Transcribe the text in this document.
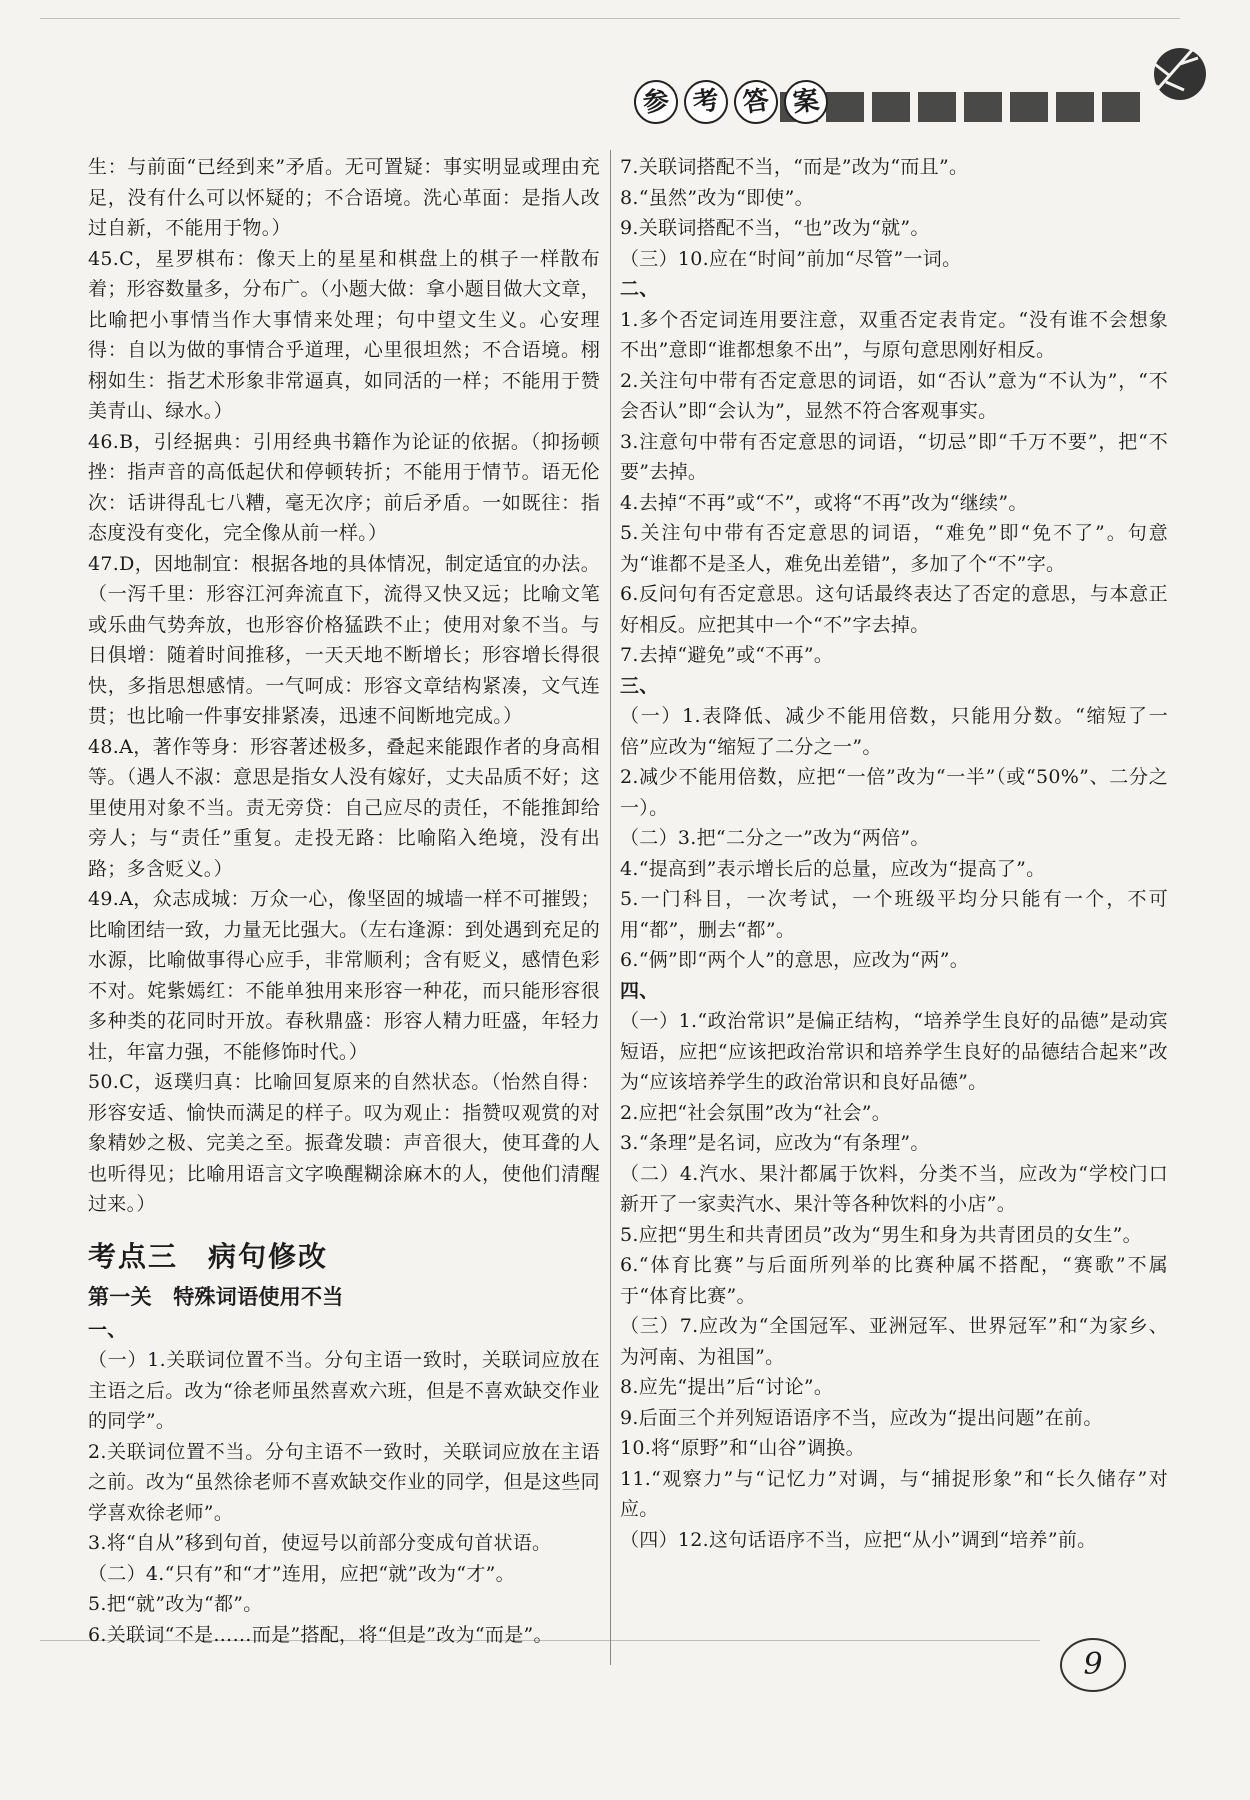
参 考 答 案

生：与前面“已经到来”矛盾。无可置疑：事实明显或理由充足，没有什么可以怀疑的；不合语境。洗心革面：是指人改过自新，不能用于物。）

45.C，星罗棋布：像天上的星星和棋盘上的棋子一样散布着；形容数量多，分布广。（小题大做：拿小题目做大文章，比喻把小事情当作大事情来处理；句中望文生义。心安理得：自以为做的事情合乎道理，心里很坦然；不合语境。栩栩如生：指艺术形象非常逼真，如同活的一样；不能用于赞美青山、绿水。）

46.B，引经据典：引用经典书籍作为论证的依据。（抑扬顿挫：指声音的高低起伏和停顿转折；不能用于情节。语无伦次：话讲得乱七八糟，毫无次序；前后矛盾。一如既往：指态度没有变化，完全像从前一样。）

47.D，因地制宜：根据各地的具体情况，制定适宜的办法。（一泻千里：形容江河奔流直下，流得又快又远；比喻文笔或乐曲气势奔放，也形容价格猛跌不止；使用对象不当。与日俱增：随着时间推移，一天天地不断增长；形容增长得很快，多指思想感情。一气呵成：形容文章结构紧凑，文气连贯；也比喻一件事安排紧凑，迅速不间断地完成。）

48.A，著作等身：形容著述极多，叠起来能跟作者的身高相等。（遇人不淑：意思是指女人没有嫁好，丈夫品质不好；这里使用对象不当。责无旁贷：自己应尽的责任，不能推卸给旁人；与“责任”重复。走投无路：比喻陷入绝境，没有出路；多含贬义。）

49.A，众志成城：万众一心，像坚固的城墙一样不可摧毁；比喻团结一致，力量无比强大。（左右逢源：到处遇到充足的水源，比喻做事得心应手，非常顺利；含有贬义，感情色彩不对。姹紫嫣红：不能单独用来形容一种花，而只能形容很多种类的花同时开放。春秋鼎盛：形容人精力旺盛，年轻力壮，年富力强，不能修饰时代。）

50.C，返璞归真：比喻回复原来的自然状态。（怡然自得：形容安适、愉快而满足的样子。叹为观止：指赞叹观赏的对象精妙之极、完美之至。振聋发聩：声音很大，使耳聋的人也听得见；比喻用语言文字唤醒糊涂麻木的人，使他们清醒过来。）

考点三　病句修改

第一关　特殊词语使用不当

一、

（一）1.关联词位置不当。分句主语一致时，关联词应放在主语之后。改为“徐老师虽然喜欢六班，但是不喜欢缺交作业的同学”。

2.关联词位置不当。分句主语不一致时，关联词应放在主语之前。改为“虽然徐老师不喜欢缺交作业的同学，但是这些同学喜欢徐老师”。

3.将“自从”移到句首，使逗号以前部分变成句首状语。

（二）4.“只有”和“才”连用，应把“就”改为“才”。

5.把“就”改为“都”。

6.关联词“不是……而是”搭配，将“但是”改为“而是”。

7.关联词搭配不当，“而是”改为“而且”。

8.“虽然”改为“即使”。

9.关联词搭配不当，“也”改为“就”。

（三）10.应在“时间”前加“尽管”一词。

二、

1.多个否定词连用要注意，双重否定表肯定。“没有谁不会想象不出”意即“谁都想象不出”，与原句意思刚好相反。

2.关注句中带有否定意思的词语，如“否认”意为“不认为”，“不会否认”即“会认为”，显然不符合客观事实。

3.注意句中带有否定意思的词语，“切忌”即“千万不要”，把“不要”去掉。

4.去掉“不再”或“不”，或将“不再”改为“继续”。

5.关注句中带有否定意思的词语，“难免”即“免不了”。句意为“谁都不是圣人，难免出差错”，多加了个“不”字。

6.反问句有否定意思。这句话最终表达了否定的意思，与本意正好相反。应把其中一个“不”字去掉。

7.去掉“避免”或“不再”。

三、

（一）1.表降低、减少不能用倍数，只能用分数。“缩短了一倍”应改为“缩短了二分之一”。

2.减少不能用倍数，应把“一倍”改为“一半”（或“50%”、二分之一）。

（二）3.把“二分之一”改为“两倍”。

4.“提高到”表示增长后的总量，应改为“提高了”。

5.一门科目，一次考试，一个班级平均分只能有一个，不可用“都”，删去“都”。

6.“俩”即“两个人”的意思，应改为“两”。

四、

（一）1.“政治常识”是偏正结构，“培养学生良好的品德”是动宾短语，应把“应该把政治常识和培养学生良好的品德结合起来”改为“应该培养学生的政治常识和良好品德”。

2.应把“社会氛围”改为“社会”。

3.“条理”是名词，应改为“有条理”。

（二）4.汽水、果汁都属于饮料，分类不当，应改为“学校门口新开了一家卖汽水、果汁等各种饮料的小店”。

5.应把“男生和共青团员”改为“男生和身为共青团员的女生”。

6.“体育比赛”与后面所列举的比赛种属不搭配，“赛歌”不属于“体育比赛”。

（三）7.应改为“全国冠军、亚洲冠军、世界冠军”和“为家乡、为河南、为祖国”。

8.应先“提出”后“讨论”。

9.后面三个并列短语语序不当，应改为“提出问题”在前。

10.将“原野”和“山谷”调换。

11.“观察力”与“记忆力”对调，与“捕捉形象”和“长久储存”对应。

（四）12.这句话语序不当，应把“从小”调到“培养”前。

9
